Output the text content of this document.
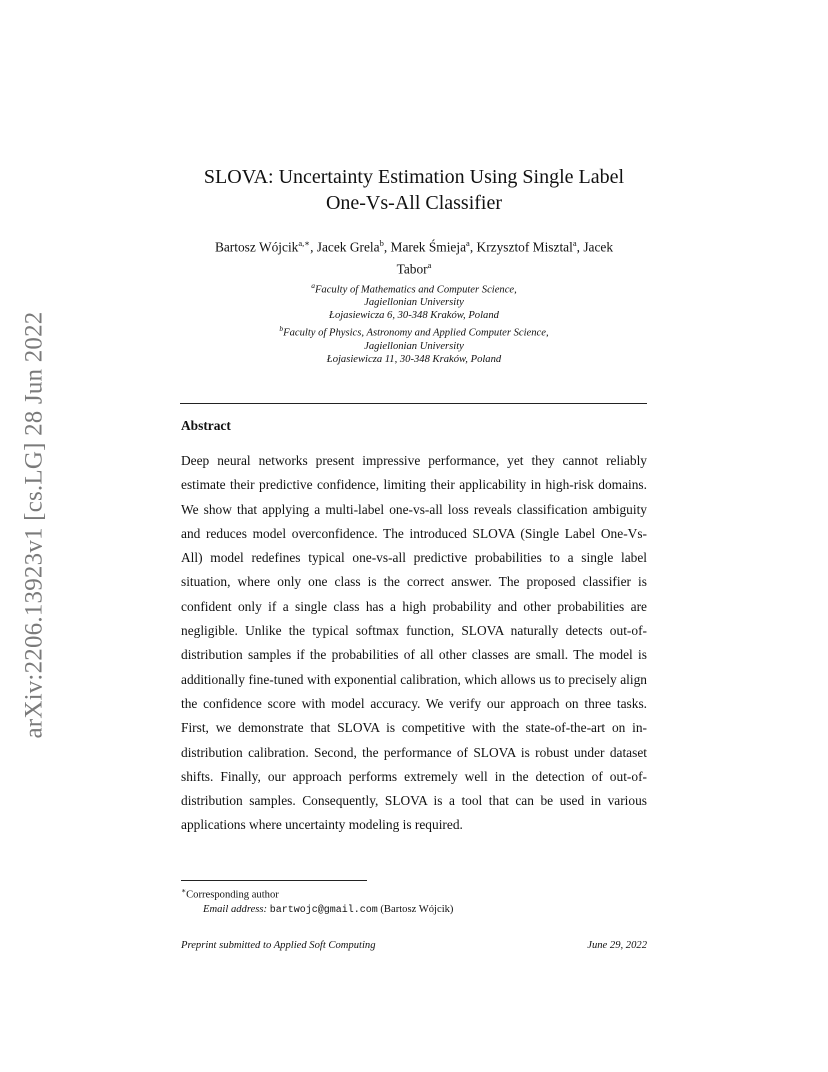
arXiv:2206.13923v1 [cs.LG] 28 Jun 2022
SLOVA: Uncertainty Estimation Using Single Label
One-Vs-All Classifier
Bartosz Wójcik$^{a,∗}$, Jacek Grela$^b$, Marek Śmieja$^a$, Krzysztof Misztal$^a$, Jacek
Tabor$^a$
$^a$Faculty of Mathematics and Computer Science,
Jagiellonian University
Łojasiewicza 6, 30-348 Kraków, Poland
$^b$Faculty of Physics, Astronomy and Applied Computer Science,
Jagiellonian University
Łojasiewicza 11, 30-348 Kraków, Poland
Abstract
Deep neural networks present impressive performance, yet they cannot reliably estimate their predictive confidence, limiting their applicability in high-risk domains. We show that applying a multi-label one-vs-all loss reveals classification ambiguity and reduces model overconfidence. The introduced SLOVA (Single Label One-Vs-All) model redefines typical one-vs-all predictive probabilities to a single label situation, where only one class is the correct answer. The proposed classifier is confident only if a single class has a high probability and other probabilities are negligible. Unlike the typical softmax function, SLOVA naturally detects out-of-distribution samples if the probabilities of all other classes are small. The model is additionally fine-tuned with exponential calibration, which allows us to precisely align the confidence score with model accuracy. We verify our approach on three tasks. First, we demonstrate that SLOVA is competitive with the state-of-the-art on in-distribution calibration. Second, the performance of SLOVA is robust under dataset shifts. Finally, our approach performs extremely well in the detection of out-of-distribution samples. Consequently, SLOVA is a tool that can be used in various applications where uncertainty modeling is required.
∗Corresponding author
Email address: bartwojc@gmail.com (Bartosz Wójcik)
Preprint submitted to Applied Soft Computing	June 29, 2022
